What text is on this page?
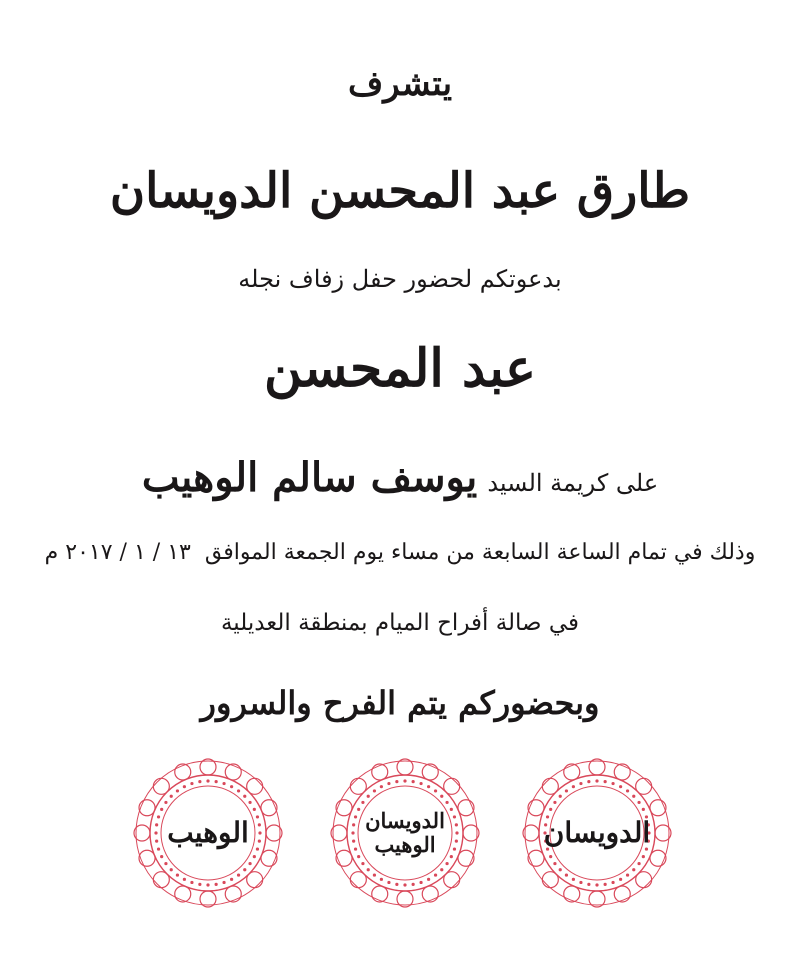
يتشرف
طارق عبد المحسن الدويسان
بدعوتكم لحضور حفل زفاف نجله
عبد المحسن
على كريمة السيديوسف سالم الوهيب
وذلك في تمام الساعة السابعة من مساء يوم الجمعة الموافق١٣ / ١ / ٢٠١٧ م
في صالة أفراح الميام بمنطقة العديلية
وبحضوركم يتم الفرح والسرور
الوهيب	الدويسان
الوهيب	الدويسان
